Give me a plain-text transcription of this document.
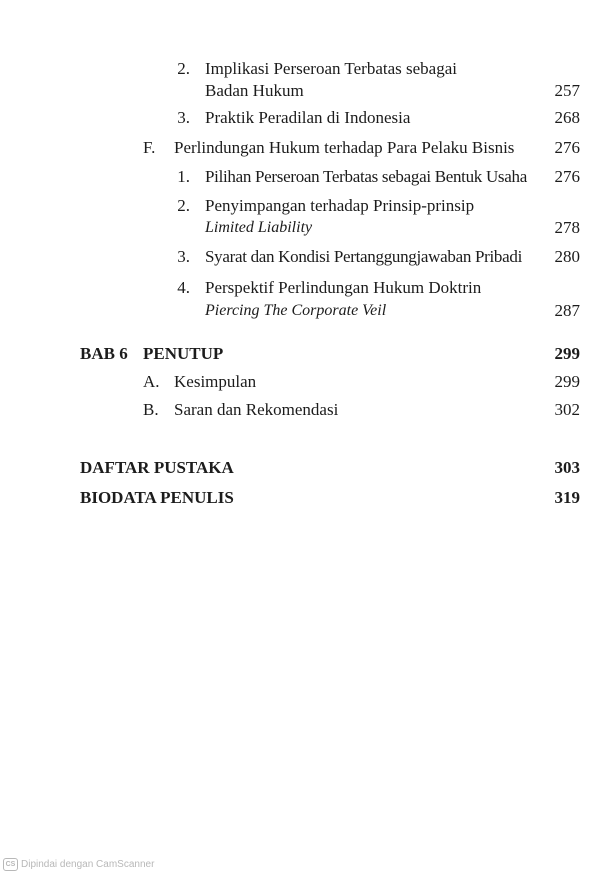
2. Implikasi Perseroan Terbatas sebagai
Badan Hukum	257
3. Praktik Peradilan di Indonesia	268
F. Perlindungan Hukum terhadap Para Pelaku Bisnis 276
1. Pilihan Perseroan Terbatas sebagai Bentuk Usaha 276
2. Penyimpangan terhadap Prinsip-prinsip
Limited Liability	278
3. Syarat dan Kondisi Pertanggungjawaban Pribadi 280
4. Perspektif Perlindungan Hukum Doktrin
Piercing The Corporate Veil	287
BAB 6 PENUTUP	299
A. Kesimpulan	299
B. Saran dan Rekomendasi	302
DAFTAR PUSTAKA	303
BIODATA PENULIS	319
CS Dipindai dengan CamScanner
